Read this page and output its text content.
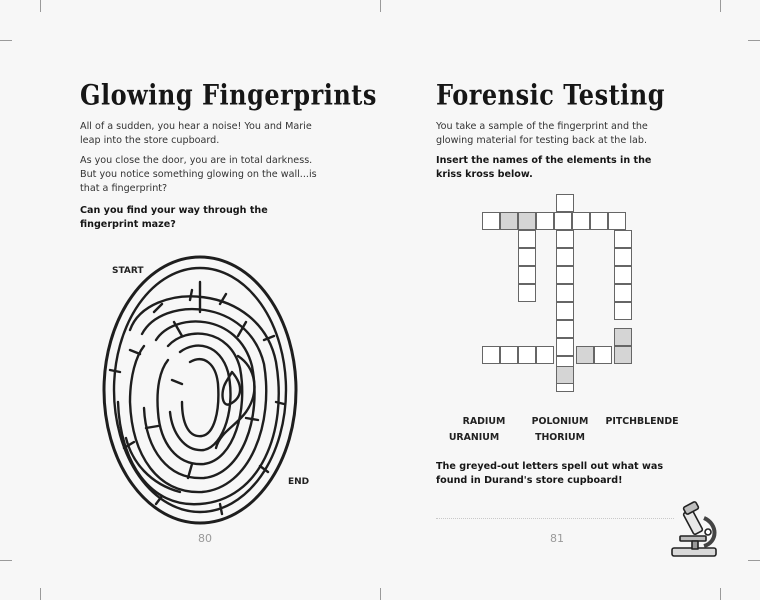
Glowing Fingerprints

All of a sudden, you hear a noise! You and Marie leap into the store cupboard.

As you close the door, you are in total darkness. But you notice something glowing on the wall...is that a fingerprint?

Can you find your way through the fingerprint maze?

START
END
80
Forensic Testing

You take a sample of the fingerprint and the glowing material for testing back at the lab.

Insert the names of the elements in the kriss kross below.

RADIUM	POLONIUM	PITCHBLENDE
URANIUM	THORIUM

The greyed-out letters spell out what was found in Durand's store cupboard!

81
